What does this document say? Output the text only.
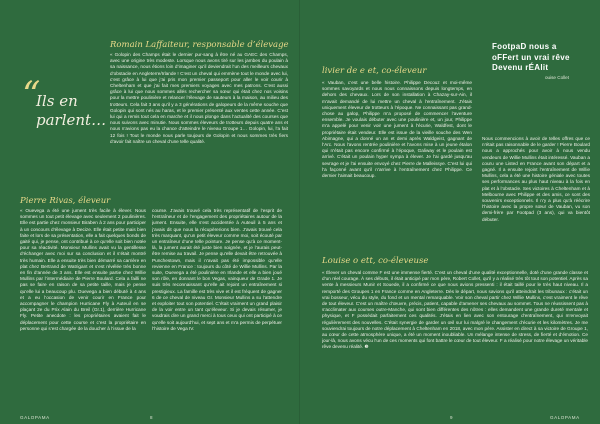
“
Ils en parlent…
Romain Laffaiteur, responsable d’élevage
« Golopin des Champs était le dernier pur-sang à être né au GAEC des Champs, avec une origine très modeste. Lorsque nous avons tiré sur les jambes du poulain à sa naissance, nous étions loin d’imaginer qu’il deviendrait l’un des meilleurs chevaux d’obstacle en Angleterre/Irlande ! C’est un cheval qui emmène tout le monde avec lui, c’est grâce à lui que j’ai pris mon premier passeport pour aller le voir courir à Cheltenham et que j’ai fait mes premiers voyages avec mes patrons. C’est aussi grâce à lui que nous sommes allés rechercher sa sœur qui était chez nos voisins pour la mettre poulinière et relancer l’élevage de sauteurs à la maison, au milieu des trotteurs. Cela fait 3 ans qu’il y a 3 générations de galopeurs de la même souche que Golopin qui sont nés au haras, et le premier présenté aux ventes cette année. C’est lui qui a remis tout cela en marche et il nous plonge dans l’actualité des courses que nous suivons avec minutie. Nous sommes éleveurs de trotteurs depuis quatre ans et nous n’avions pas eu la chance d’atteindre le niveau Groupe 1… Golopin, lui, l’a fait 12 fois ! Tout le monde nous parle toujours de Golopin et nous sommes très fiers d’avoir fait naître un cheval d’une telle qualité.
Pierre Rivas, éleveur
« Ouevega a été une jument très facile à élever. Nous sommes un tout petit élevage avec seulement 2 poulinières. Elle est partie chez monsieur Biraben à 2 ans pour participer à un concours d’élevage à Decize. Elle était petite mais bien faite et lors de sa présentation, elle a fait quelques bonds de gaité qui, je pense, ont contribué à ce qu’elle soit bien notée pour sa réactivité. Monsieur Mullins avait vu la gentillesse d’échanger avec moi sur sa conclusion et il s’était montré très humain. Elle a ensuite très bien démarré sa carrière en plat chez Bertrand de Watrigant et s’est révélée très bonne en fin d’année de 3 ans. Elle est ensuite partie chez Willie Mullins par l’intermédiaire de Pierre Boulard. Cela a failli ne pas se faire en raison de sa petite taille, mais je pense qu’elle lui a beaucoup plu. Ouevega a bien débuté à 4 ans et a eu l’occasion de venir courir en France pour accompagner le champion Hurricane Fly à Auteuil en se plaçant 2e du Prix Alain du Breil (Gr.1), derrière Hurricane Fly. Petite anecdote : les propriétaires avaient fait le déplacement pour cette course et c’est la propriétaire en personne qui s’est chargée de la doucher à l’issue de la
course. J’avais trouvé cela très représentatif de l’esprit de l’entraîneur et de l’engagement des propriétaires autour de la jument. Ensuite, elle s’est accidentée à Auteuil à 5 ans et j’avais dit que nous la récupèrerions bien. J’avais trouvé cela très marquant, qu’un petit éleveur comme moi, soit écouté par un entraîneur d’une telle pointure. Je pense qu’à ce moment-là, la jument aurait été juste bien soignée, et je l’aurais peut-être remise au travail. Je pense qu’elle devait être retrouvée à Punchestown, mais il n’avait pas été impossible qu’elle revienne en France : toujours du côté de Willie Mullins. Par la suite, Ouevega a été poulinière en Irlande et elle a bien joué son rôle, en donnant le bon Vegas, vainqueur de Grade 1. Je suis très reconnaissant qu’elle ait rejoint un entraînement si prestigieux. La famille est très vive et il est fréquent de gagner 6 de ce cheval de niveau Gr. Monsieur Mullins a su l’attendre et exploiter tout son potentiel. C’était vraiment un grand plaisir de la voir entre un tant qu’éleveur. Si je devais résumer, je voudrais dire un grand merci à tous ceux qui ont participé à ce qu’elle soit aujourd’hui, et sept ans et m’a permis de perpétuer l’histoire de Vega IV.
GALOPAMA	8
livier de e et, co-éleveur
« Vauban, c’est une belle histoire. Philippe Decouz et moi-même sommes savoyards et nous nous connaissons depuis longtemps, en dehors des chevaux. Lors de son installation à Chazay-sur-Ain, il m’avait demandé de lui mettre un cheval à l’entraînement. J’étais uniquement éleveur de trotteurs à l’époque. Ne connaissant pas grand-chose au galop, Philippe m’a proposé de commencer l’aventure ensemble. Je voulais débuter avec une poulinière et, un jour, Philippe m’a appelé pour venir voir une jument à l’écurie, Waldfest, dont le propriétaire était vendeur. Elle est issue de la vieille souche des Wen Abimagne, qui a donné un an et demi après Waldgeist, gagnant de l’Arc. Nous l’avons rentrée poulinière et l’avons mise à un jeune étalon qui n’était pas encore confirmé à l’époque, Galiway et le poulain est arrivé. C’était un poulain hyper sympa à élever. Je l’ai gardé jusqu’au sevrage et je l’ai ensuite envoyé chez Pierre de Malleissye. C’est lui qui l’a façonné avant qu’il n’arrive à l’entraînement chez Philippe. Ce dernier l’aimait beaucoup.
Nous commencions à avoir de telles offres que ce n’était pas raisonnable de le garder ! Pierre Boulard nous a approchés pour avoir à nous vendu vendeurs de Willie Mullins était intéressé. Vauban a couru une Listed en France avant son départ et a gagné. Il a ensuite rejoint l’entraînement de Willie Mullins, cela a été une histoire géniale avec toutes ses performances au plus haut niveau à la fois en plat et à l’obstacle. Ses victoires à Cheltenham et à Melbourne avec Philippe et des amis, ce sont des souvenirs exceptionnels. Il n’y a plus qu’à réécrire l’histoire avec la propre sœur de Vauban, vu son demi-frère par Footpad (3 ans), qui va bientôt débuter.
Louise o ett, co-éleveuse
« Élever un cheval comme F est une immense fierté. C’est un cheval d’une qualité exceptionnelle, doté d’une grande classe et d’un réel courage. À ses débuts, il était anticipé par mon père, Robert Collet, qu’il y a réalisé très tôt tout son potentiel. Après sa vente à messieurs Munir et Souede, il a confirmé ce que nous avions pressenti : il était taillé pour le très haut niveau. Il a remporté des Groupes 1 en France comme en Angleterre. Dès le départ, nous savions qu’il atteindrait les tribunaux : c’était un vrai bosseur, vécu du style, du fond et un mental remarquable. Voir son cheval partir chez Willie Mullins, c’est vraiment le rêve de tout éleveur. C’est un maître d’œuvre, précis, patient, capable d’amener ses chevaux au sommet. Tous ne réussissent pas à s’acclimater aux courses outre-Manche, qui sont bien différentes des nôtres : elles demandent une grande dureté mentale et physique, et F possédait parfaitement ces qualités. J’étais en lien avec son entourage d’entraînement, qui m’envoyait régulièrement des nouvelles. C’était synergie de garder un œil sur lui malgré le changement d’écurie et les kilomètres. Je me souviendrai toujours de notre déplacement à Cheltenham en 2018, avec mon père. Assister en direct à sa victoire de Groupe 1, au cœur de cette atmosphère unique, a été un moment inoubliable. Un mélange intense de stress, de fierté et d’émotion. Ce jour-là, nous avons vécu l’un de ces moments qui font battre le cœur de tout éleveur. F a réalisé pour notre élevage un véritable rêve devenu réalité. ❸
9	GALOPAMA
FootpaD nous a
oFFert un vrai rêve
Devenu rÉAlit
ouise Collet
